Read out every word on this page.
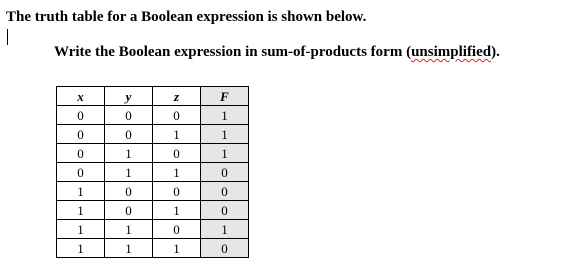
The truth table for a Boolean expression is shown below.
Write the Boolean expression in sum-of-products form (unsimplified).
x	y	z	F
0	0	0	1
0	0	1	1
0	1	0	1
0	1	1	0
1	0	0	0
1	0	1	0
1	1	0	1
1	1	1	0
